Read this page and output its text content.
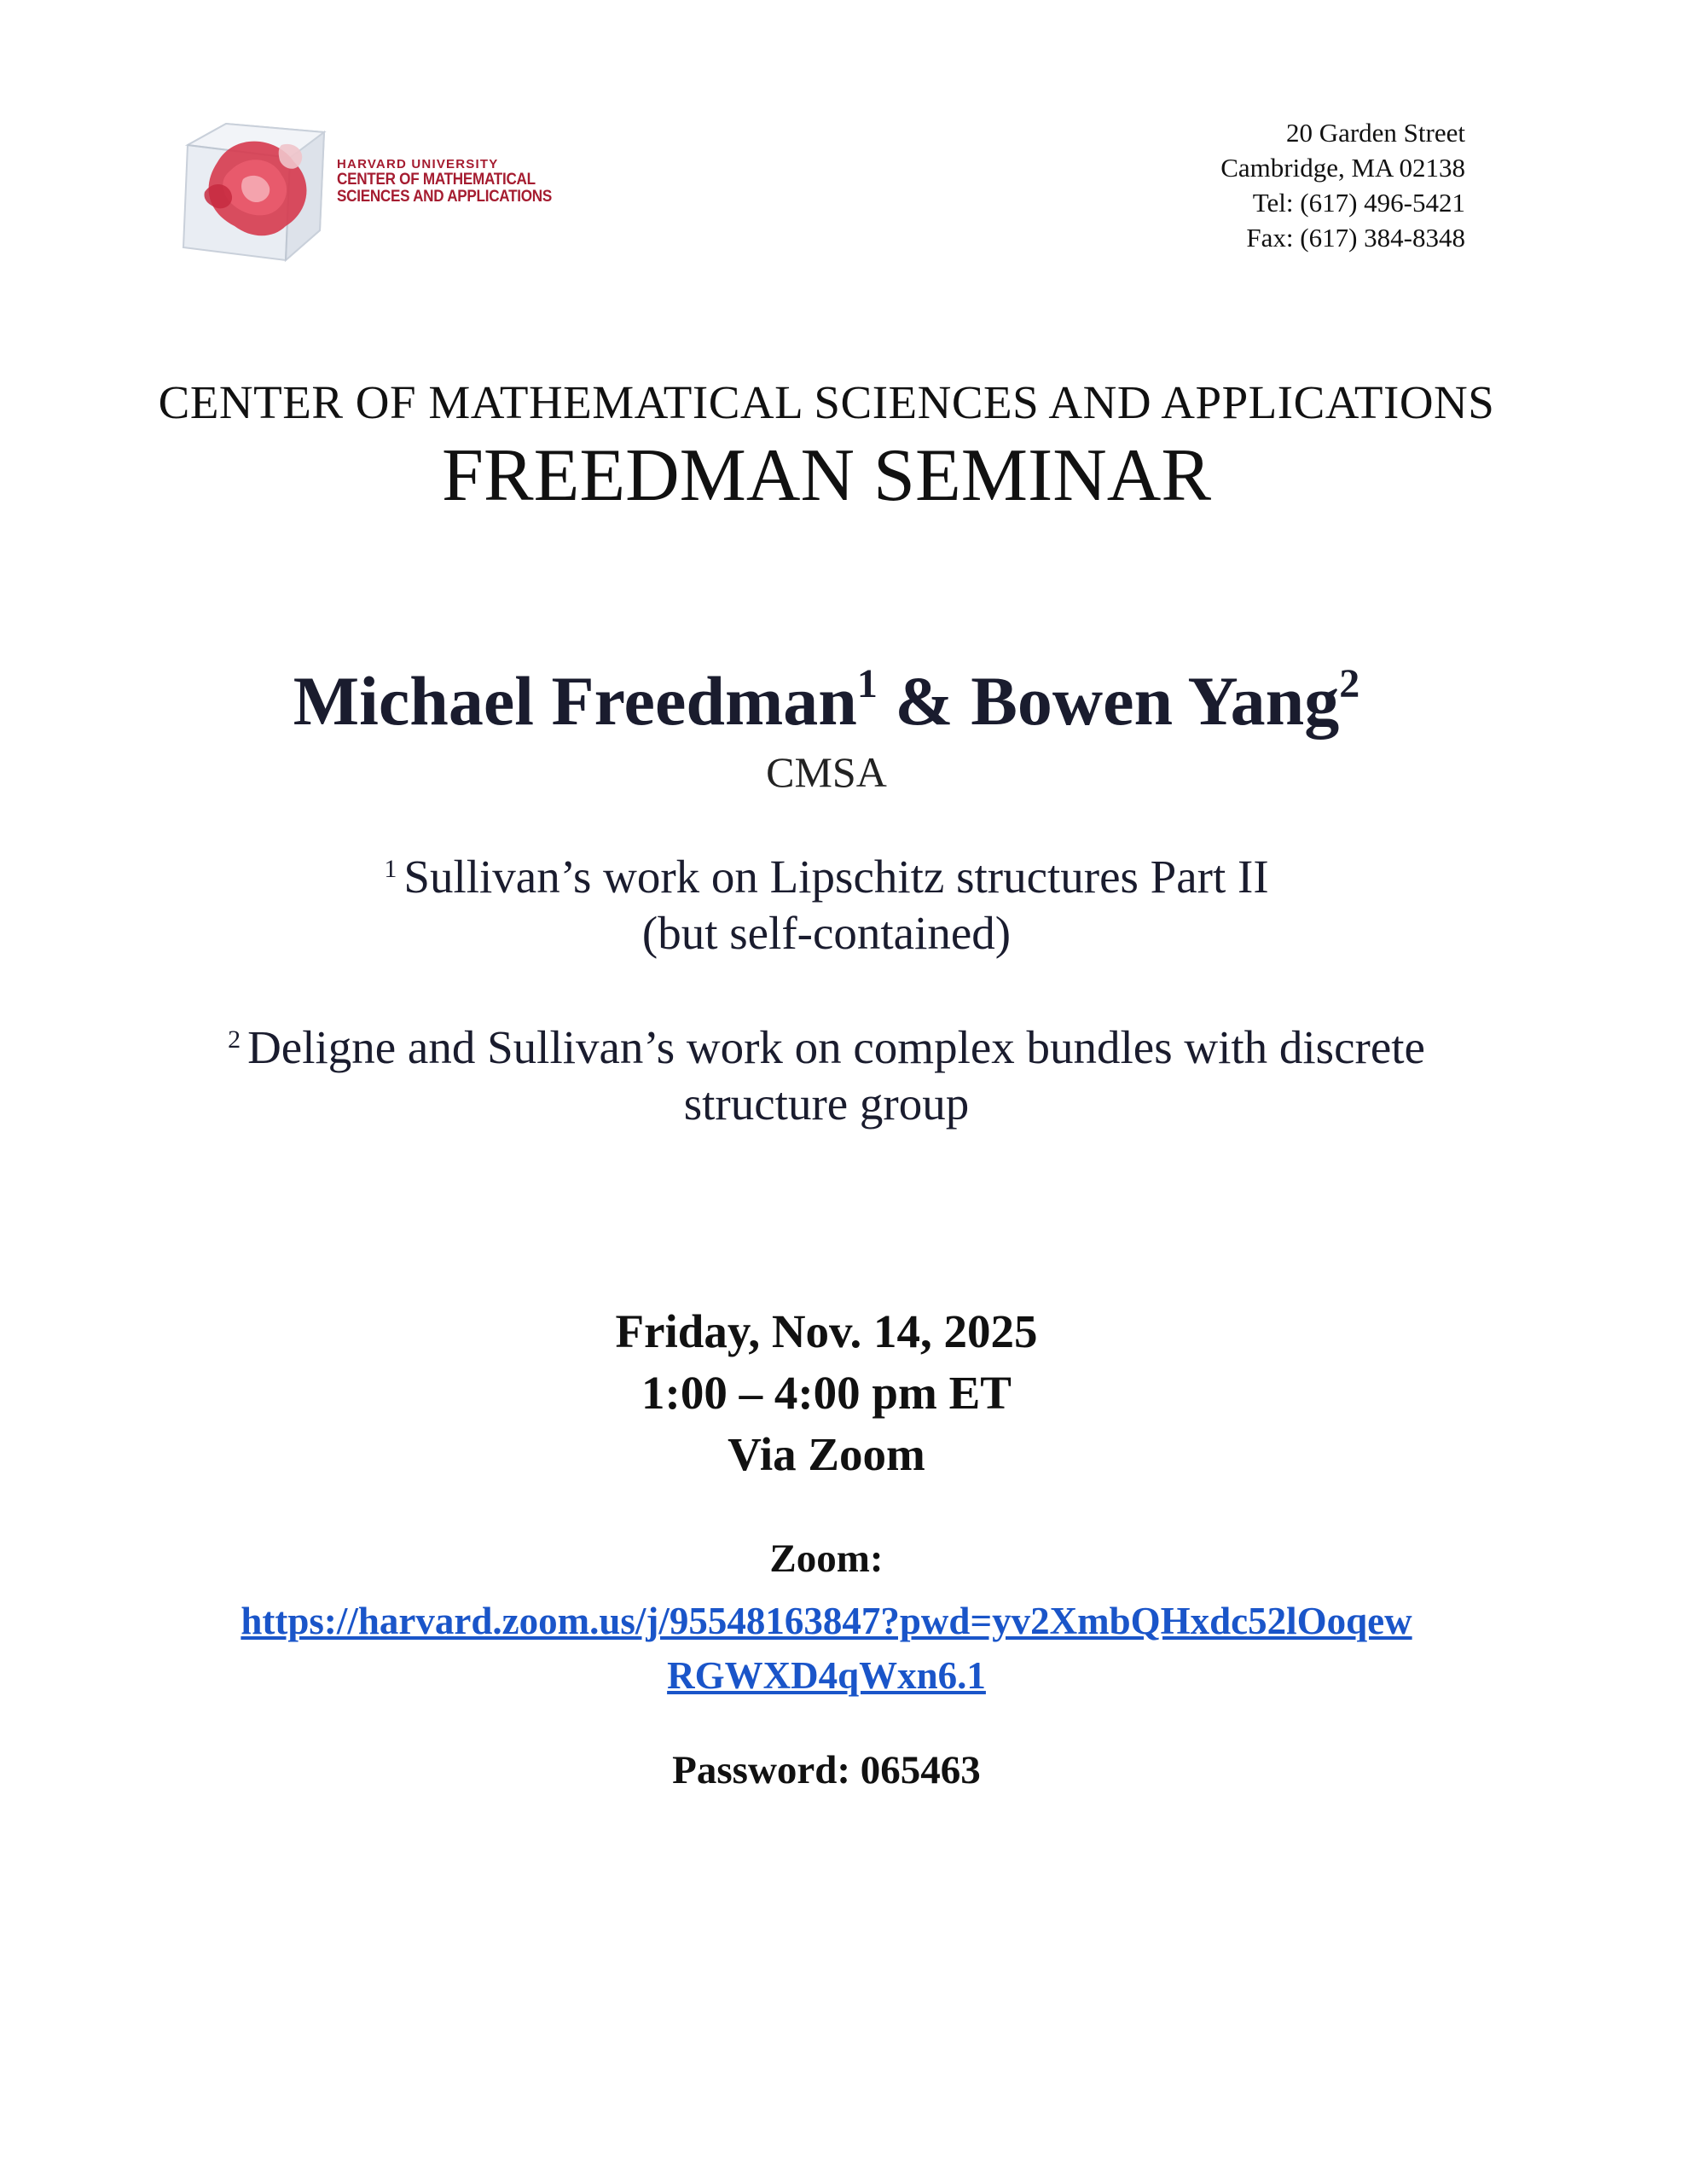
HARVARD UNIVERSITY
CENTER OF MATHEMATICAL
SCIENCES AND APPLICATIONS
20 Garden Street
Cambridge, MA 02138
Tel: (617) 496-5421
Fax: (617) 384-8348
CENTER OF MATHEMATICAL SCIENCES AND APPLICATIONS
FREEDMAN SEMINAR
Michael Freedman$^1$ & Bowen Yang$^2$
CMSA
$^1$ Sullivan’s work on Lipschitz structures Part II
(but self-contained)
$^2$ Deligne and Sullivan’s work on complex bundles with discrete
structure group
Friday, Nov. 14, 2025
1:00 – 4:00 pm ET
Via Zoom
Zoom:
https://harvard.zoom.us/j/95548163847?pwd=yv2XmbQHxdc52lOoqew
RGWXD4qWxn6.1
Password: 065463
